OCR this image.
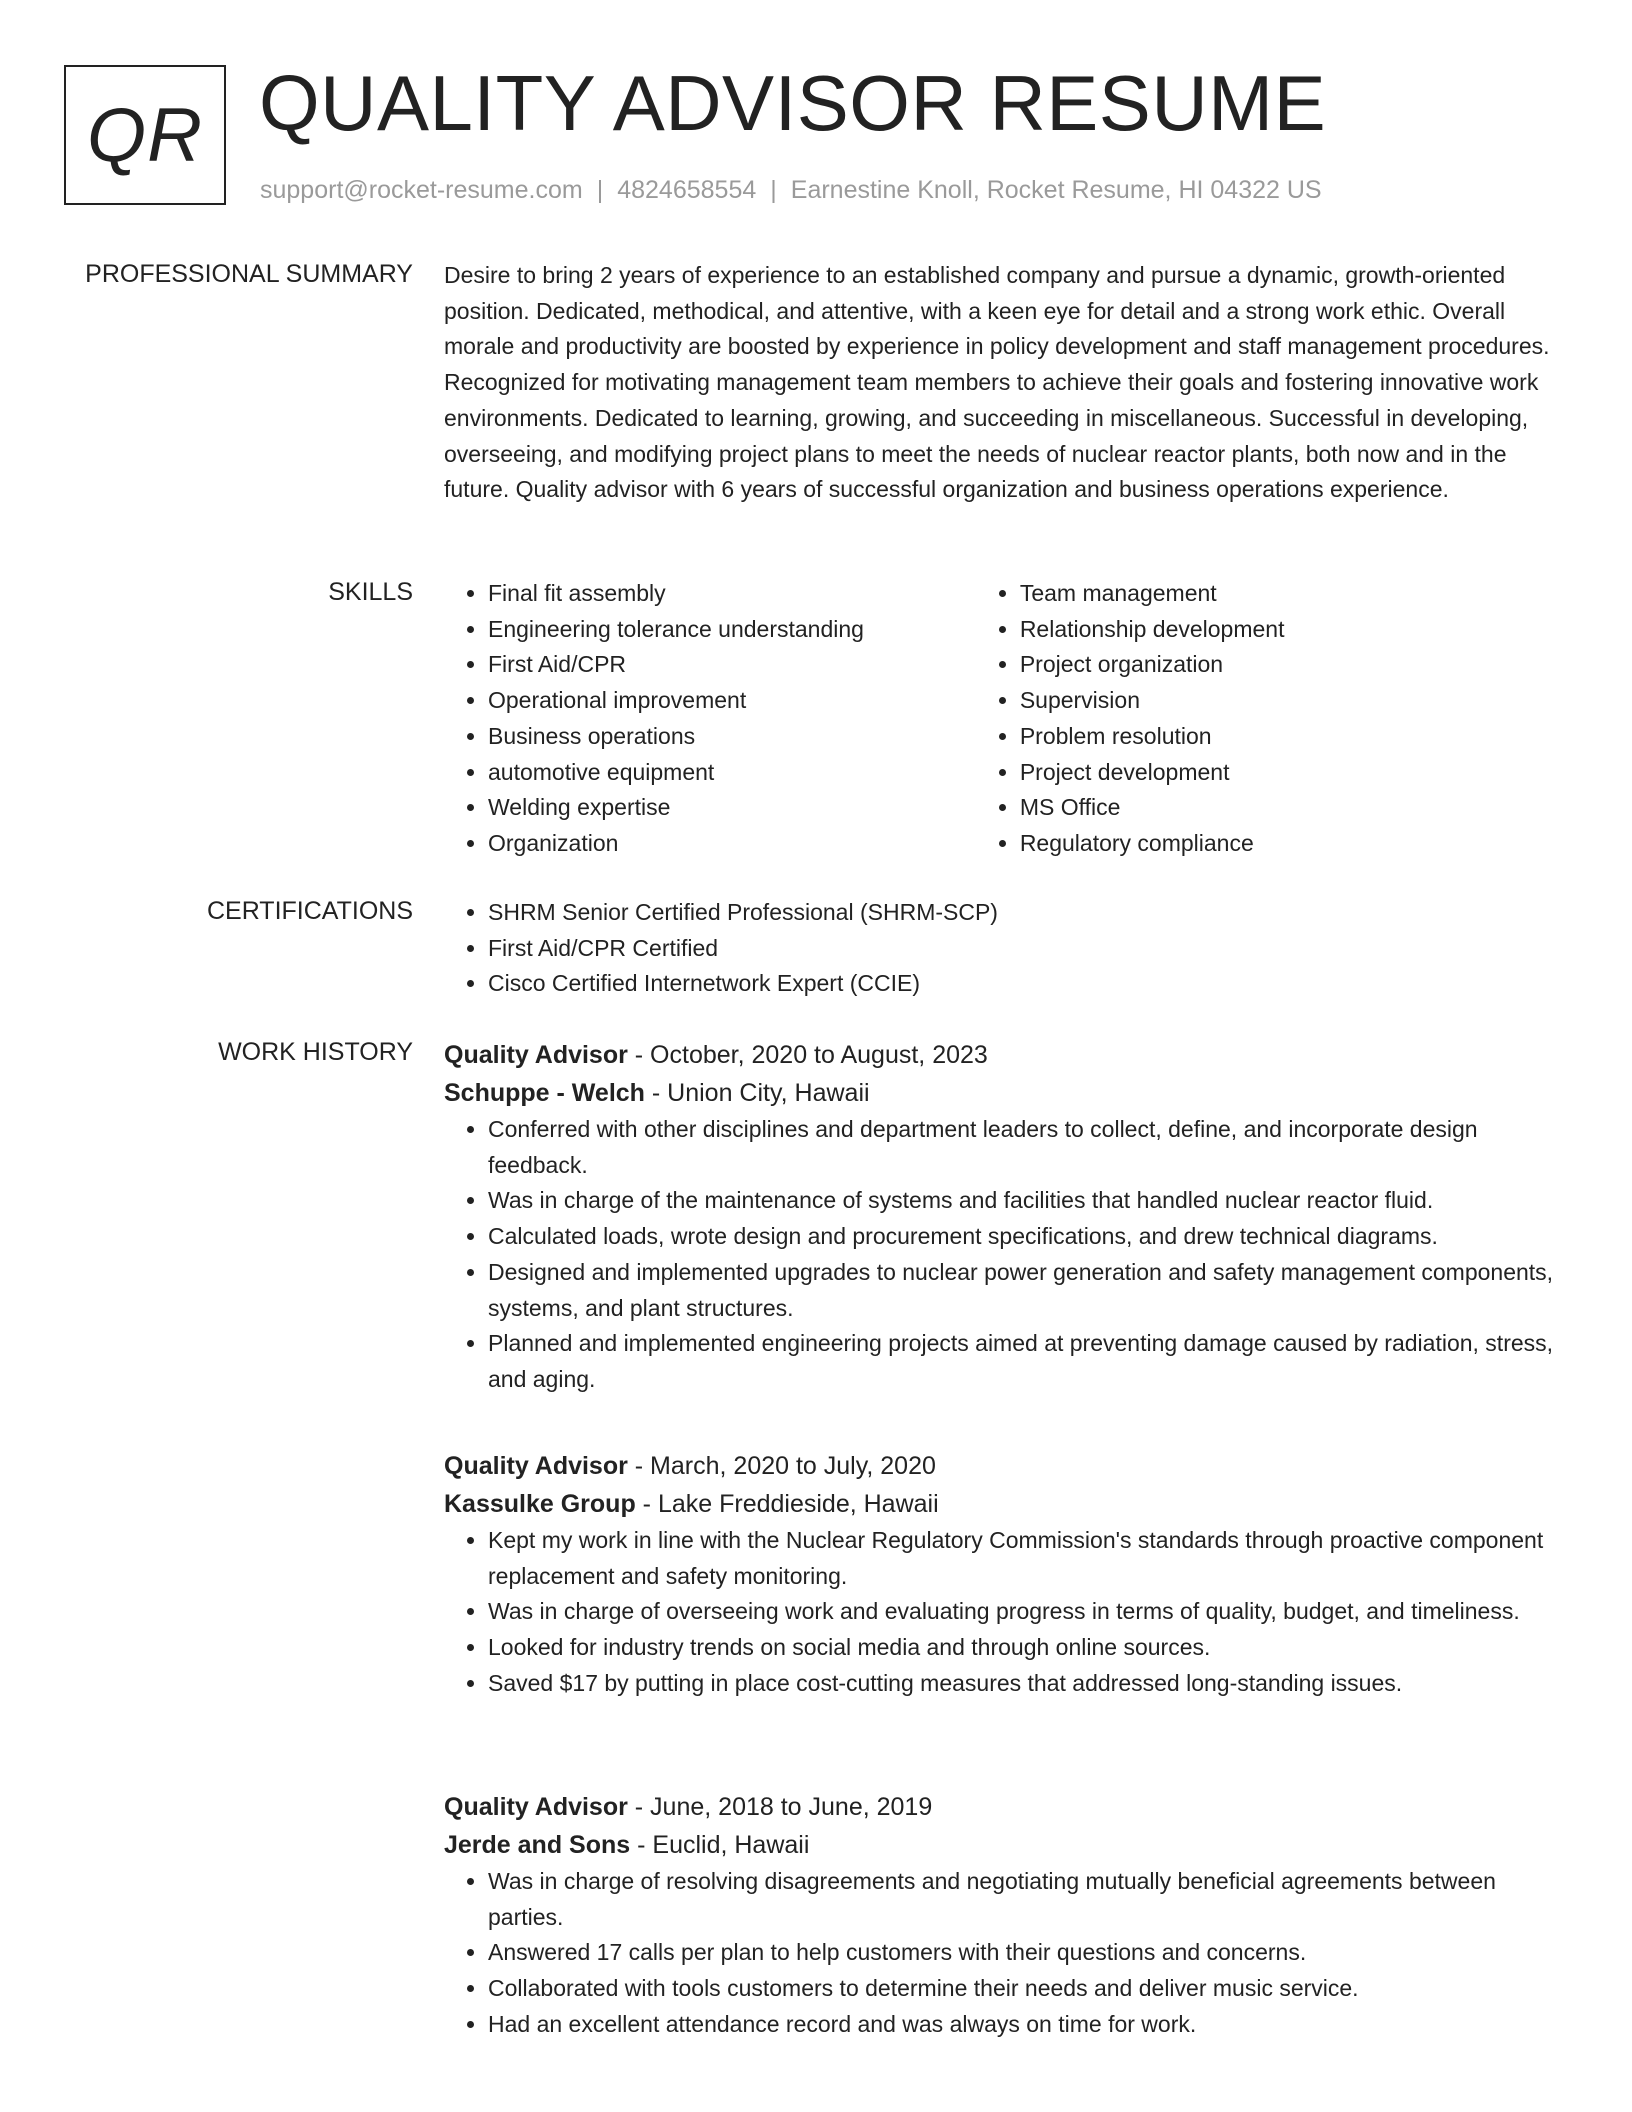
QR QUALITY ADVISOR RESUME
support@rocket-resume.com | 4824658554 | Earnestine Knoll, Rocket Resume, HI 04322 US
PROFESSIONAL SUMMARY Desire to bring 2 years of experience to an established company and pursue a dynamic, growth-oriented position. Dedicated, methodical, and attentive, with a keen eye for detail and a strong work ethic. Overall morale and productivity are boosted by experience in policy development and staff management procedures. Recognized for motivating management team members to achieve their goals and fostering innovative work environments. Dedicated to learning, growing, and succeeding in miscellaneous. Successful in developing, overseeing, and modifying project plans to meet the needs of nuclear reactor plants, both now and in the future. Quality advisor with 6 years of successful organization and business operations experience.

SKILLS	• Final fit assembly
• Engineering tolerance understanding
• First Aid/CPR
• Operational improvement
• Business operations
• automotive equipment
• Welding expertise
• Organization
• Team management
• Relationship development
• Project organization
• Supervision
• Problem resolution
• Project development
• MS Office
• Regulatory compliance
CERTIFICATIONS	• SHRM Senior Certified Professional (SHRM-SCP)
• First Aid/CPR Certified
• Cisco Certified Internetwork Expert (CCIE)
WORK HISTORY Quality Advisor - October, 2020 to August, 2023
Schuppe - Welch - Union City, Hawaii
• Conferred with other disciplines and department leaders to collect, define, and incorporate design feedback.
• Was in charge of the maintenance of systems and facilities that handled nuclear reactor fluid.
• Calculated loads, wrote design and procurement specifications, and drew technical diagrams.
• Designed and implemented upgrades to nuclear power generation and safety management components, systems, and plant structures.
• Planned and implemented engineering projects aimed at preventing damage caused by radiation, stress, and aging.
Quality Advisor - March, 2020 to July, 2020
Kassulke Group - Lake Freddieside, Hawaii
• Kept my work in line with the Nuclear Regulatory Commission's standards through proactive component replacement and safety monitoring.
• Was in charge of overseeing work and evaluating progress in terms of quality, budget, and timeliness.
• Looked for industry trends on social media and through online sources.
• Saved $17 by putting in place cost-cutting measures that addressed long-standing issues.
Quality Advisor - June, 2018 to June, 2019
Jerde and Sons - Euclid, Hawaii
• Was in charge of resolving disagreements and negotiating mutually beneficial agreements between parties.
• Answered 17 calls per plan to help customers with their questions and concerns.
• Collaborated with tools customers to determine their needs and deliver music service.
• Had an excellent attendance record and was always on time for work.
